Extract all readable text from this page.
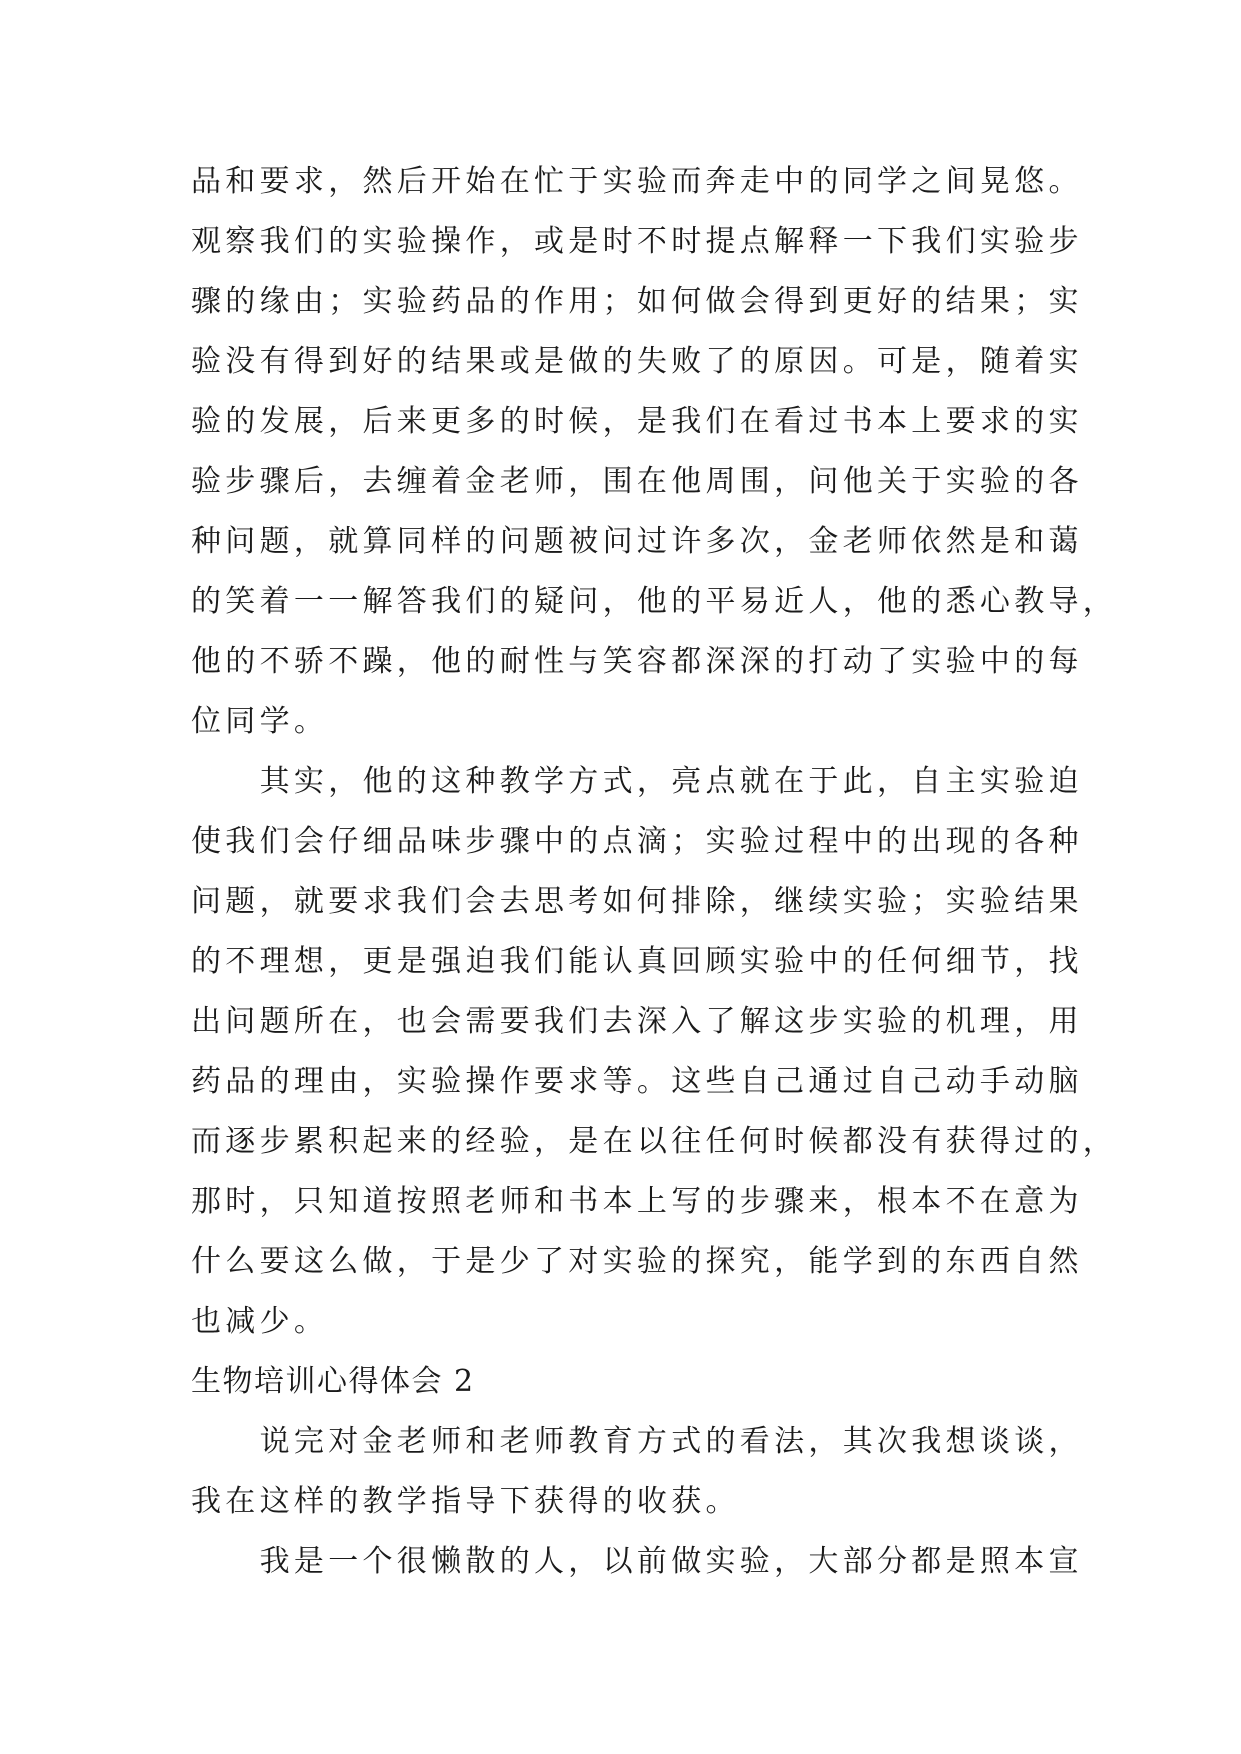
品和要求，然后开始在忙于实验而奔走中的同学之间晃悠。
观察我们的实验操作，或是时不时提点解释一下我们实验步
骤的缘由；实验药品的作用；如何做会得到更好的结果；实
验没有得到好的结果或是做的失败了的原因。可是，随着实
验的发展，后来更多的时候，是我们在看过书本上要求的实
验步骤后，去缠着金老师，围在他周围，问他关于实验的各
种问题，就算同样的问题被问过许多次，金老师依然是和蔼
的笑着一一解答我们的疑问，他的平易近人，他的悉心教导，
他的不骄不躁，他的耐性与笑容都深深的打动了实验中的每
位同学。
　　其实，他的这种教学方式，亮点就在于此，自主实验迫
使我们会仔细品味步骤中的点滴；实验过程中的出现的各种
问题，就要求我们会去思考如何排除，继续实验；实验结果
的不理想，更是强迫我们能认真回顾实验中的任何细节，找
出问题所在，也会需要我们去深入了解这步实验的机理，用
药品的理由，实验操作要求等。这些自己通过自己动手动脑
而逐步累积起来的经验，是在以往任何时候都没有获得过的，
那时，只知道按照老师和书本上写的步骤来，根本不在意为
什么要这么做，于是少了对实验的探究，能学到的东西自然
也减少。
生物培训心得体会 2
　　说完对金老师和老师教育方式的看法，其次我想谈谈，
我在这样的教学指导下获得的收获。
　　我是一个很懒散的人，以前做实验，大部分都是照本宣
